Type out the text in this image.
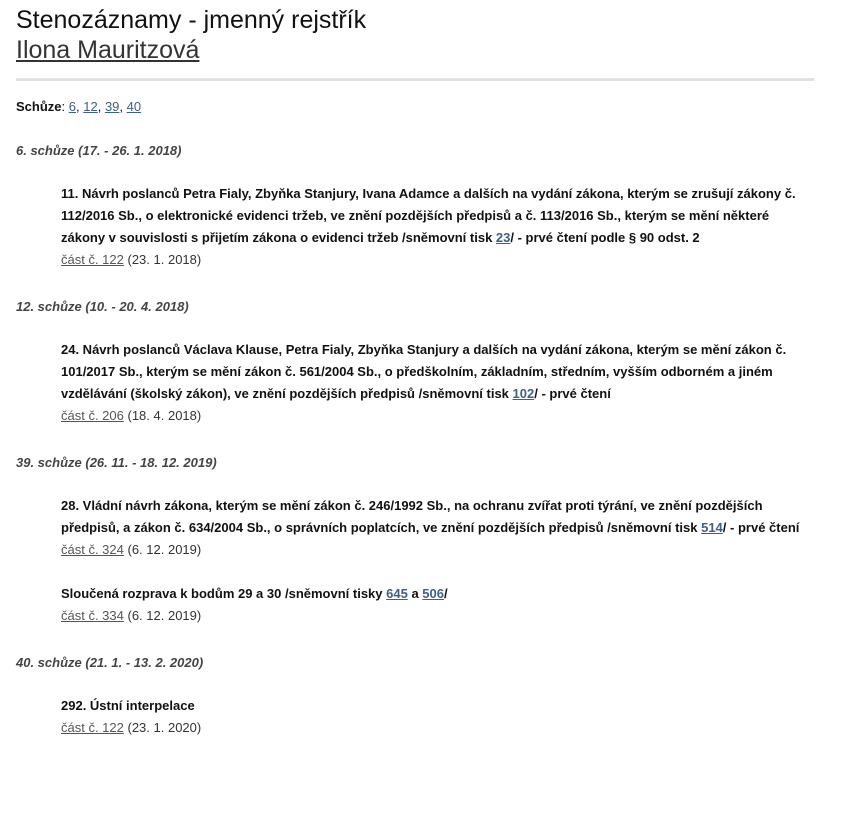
Stenozáznamy - jmenný rejstřík
Ilona Mauritzová
Schůze: 6, 12, 39, 40
6. schůze (17. - 26. 1. 2018)
11. Návrh poslanců Petra Fialy, Zbyňka Stanjury, Ivana Adamce a dalších na vydání zákona, kterým se zrušují zákony č. 112/2016 Sb., o elektronické evidenci tržeb, ve znění pozdějších předpisů a č. 113/2016 Sb., kterým se mění některé zákony v souvislosti s přijetím zákona o evidenci tržeb /sněmovní tisk 23/ - prvé čtení podle § 90 odst. 2
část č. 122 (23. 1. 2018)
12. schůze (10. - 20. 4. 2018)
24. Návrh poslanců Václava Klause, Petra Fialy, Zbyňka Stanjury a dalších na vydání zákona, kterým se mění zákon č. 101/2017 Sb., kterým se mění zákon č. 561/2004 Sb., o předškolním, základním, středním, vyšším odborném a jiném vzdělávání (školský zákon), ve znění pozdějších předpisů /sněmovní tisk 102/ - prvé čtení
část č. 206 (18. 4. 2018)
39. schůze (26. 11. - 18. 12. 2019)
28. Vládní návrh zákona, kterým se mění zákon č. 246/1992 Sb., na ochranu zvířat proti týrání, ve znění pozdějších předpisů, a zákon č. 634/2004 Sb., o správních poplatcích, ve znění pozdějších předpisů /sněmovní tisk 514/ - prvé čtení
část č. 324 (6. 12. 2019)
Sloučená rozprava k bodům 29 a 30 /sněmovní tisky 645 a 506/
část č. 334 (6. 12. 2019)
40. schůze (21. 1. - 13. 2. 2020)
292. Ústní interpelace
část č. 122 (23. 1. 2020)
